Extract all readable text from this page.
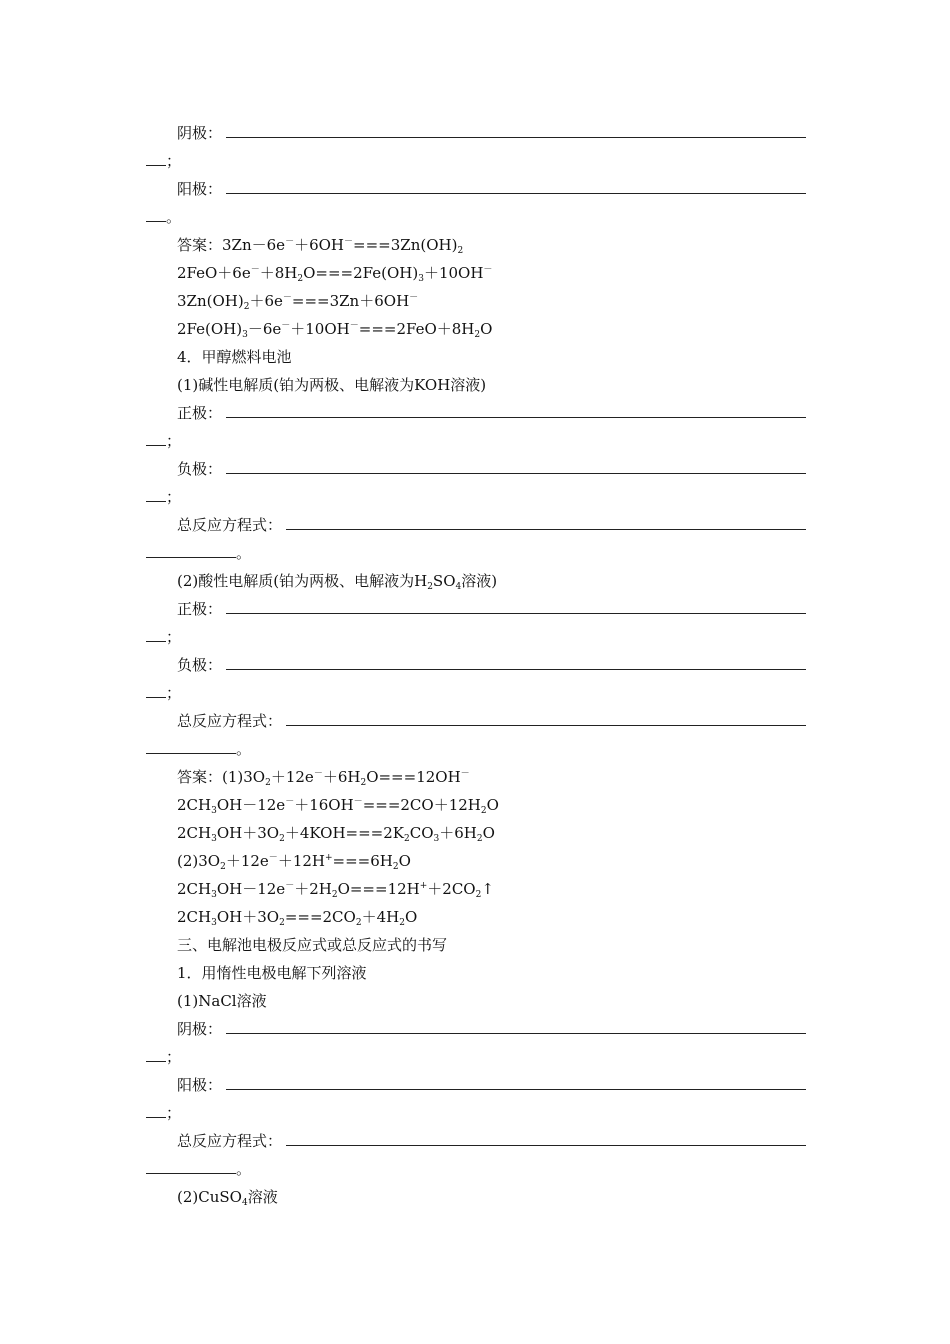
阴极：
；
阳极：
。
答案：$3Zn-6e^-+6OH^-===3Zn(OH)_2$
$2FeO+6e^-+8H_2O===2Fe(OH)_3+10OH^-$
$3Zn(OH)_2+6e^-===3Zn+6OH^-$
$2Fe(OH)_3-6e^-+10OH^-===2FeO+8H_2O$
4．甲醇燃料电池
(1)碱性电解质(铂为两极、电解液为KOH溶液)
正极：
；
负极：
；
总反应方程式：
。
(2)酸性电解质(铂为两极、电解液为$H_2SO_4$溶液)
正极：
；
负极：
；
总反应方程式：
。
答案：$(1)3O_2+12e^-+6H_2O===12OH^-$
$2CH_3OH-12e^-+16OH^-===2CO+12H_2O$
$2CH_3OH+3O_2+4KOH===2K_2CO_3+6H_2O$
$(2)3O_2+12e^-+12H^+===6H_2O$
$2CH_3OH-12e^-+2H_2O===12H^++2CO_2↑$
$2CH_3OH+3O_2===2CO_2+4H_2O$
三、电解池电极反应式或总反应式的书写
1．用惰性电极电解下列溶液
(1)NaCl溶液
阴极：
；
阳极：
；
总反应方程式：
。
(2)CuSO$_4$溶液
